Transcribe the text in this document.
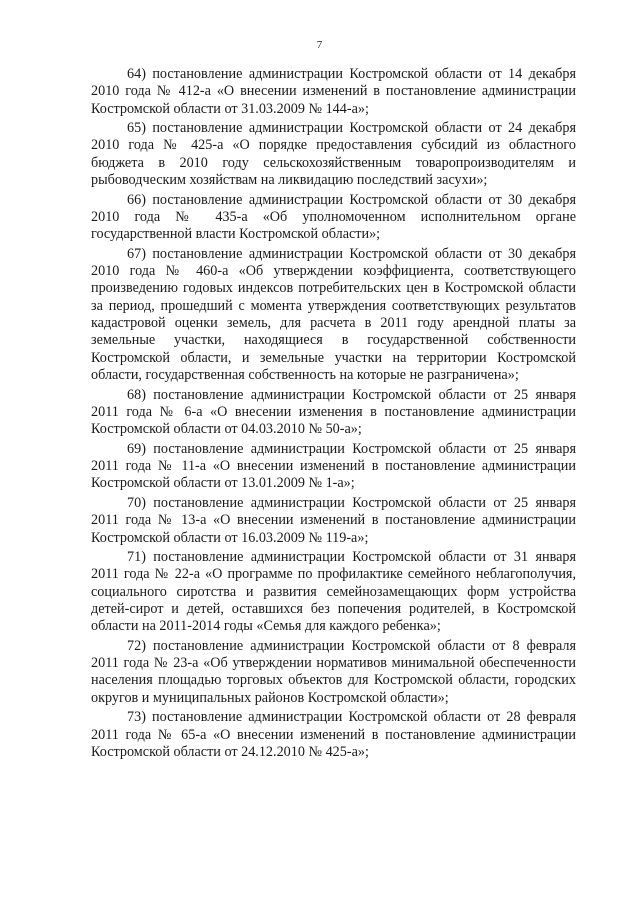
7

64) постановление администрации Костромской области от 14 декабря 2010 года № 412-а «О внесении изменений в постановление администрации Костромской области от 31.03.2009 № 144-а»;

65) постановление администрации Костромской области от 24 декабря 2010 года № 425-а «О порядке предоставления субсидий из областного бюджета в 2010 году сельскохозяйственным товаропроизводителям и рыбоводческим хозяйствам на ликвидацию последствий засухи»;

66) постановление администрации Костромской области от 30 декабря 2010 года № 435-а «Об уполномоченном исполнительном органе государственной власти Костромской области»;

67) постановление администрации Костромской области от 30 декабря 2010 года № 460-а «Об утверждении коэффициента, соответствующего произведению годовых индексов потребительских цен в Костромской области за период, прошедший с момента утверждения соответствующих результатов кадастровой оценки земель, для расчета в 2011 году арендной платы за земельные участки, находящиеся в государственной собственности Костромской области, и земельные участки на территории Костромской области, государственная собственность на которые не разграничена»;

68) постановление администрации Костромской области от 25 января 2011 года № 6-а «О внесении изменения в постановление администрации Костромской области от 04.03.2010 № 50-а»;

69) постановление администрации Костромской области от 25 января 2011 года № 11-а «О внесении изменений в постановление администрации Костромской области от 13.01.2009 № 1-а»;

70) постановление администрации Костромской области от 25 января 2011 года № 13-а «О внесении изменений в постановление администрации Костромской области от 16.03.2009 № 119-а»;

71) постановление администрации Костромской области от 31 января 2011 года № 22-а «О программе по профилактике семейного неблагополучия, социального сиротства и развития семейнозамещающих форм устройства детей-сирот и детей, оставшихся без попечения родителей, в Костромской области на 2011-2014 годы «Семья для каждого ребенка»;

72) постановление администрации Костромской области от 8 февраля 2011 года № 23-а «Об утверждении нормативов минимальной обеспеченности населения площадью торговых объектов для Костромской области, городских округов и муниципальных районов Костромской области»;

73) постановление администрации Костромской области от 28 февраля 2011 года № 65-а «О внесении изменений в постановление администрации Костромской области от 24.12.2010 № 425-а»;
